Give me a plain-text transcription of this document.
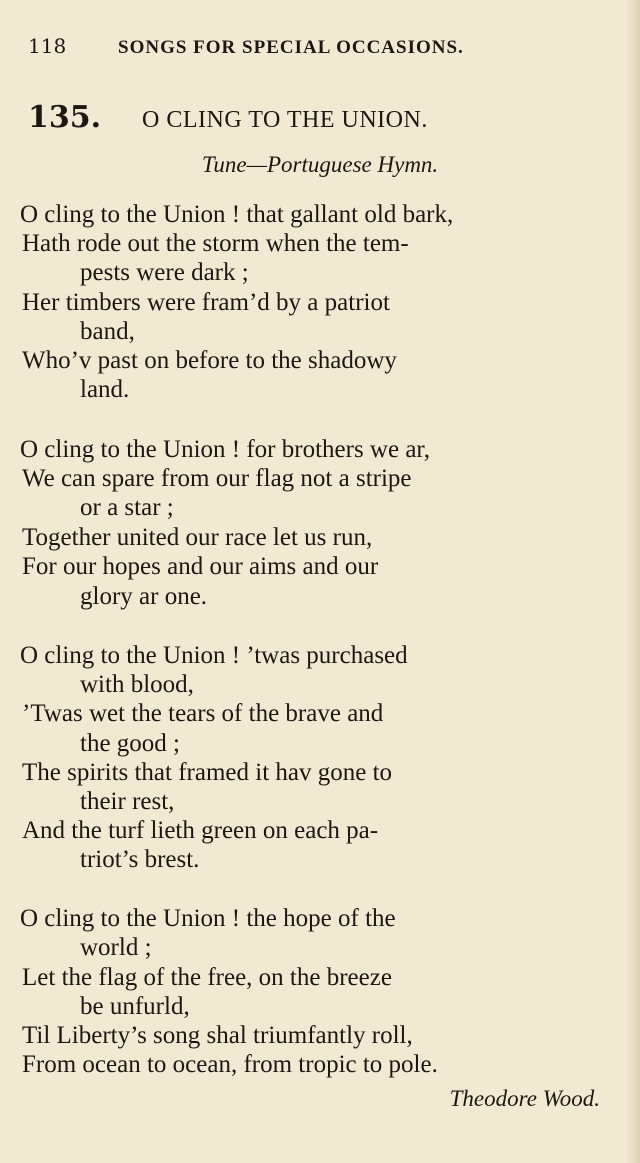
118	SONGS FOR SPECIAL OCCASIONS.
135. O CLING TO THE UNION.
Tune—Portuguese Hymn.
O cling to the Union ! that gallant old bark,
Hath rode out the storm when the tem-
pests were dark ;
Her timbers were fram’d by a patriot
band,
Who’v past on before to the shadowy
land.
O cling to the Union ! for brothers we ar,
We can spare from our flag not a stripe
or a star ;
Together united our race let us run,
For our hopes and our aims and our
glory ar one.
O cling to the Union ! ’twas purchased
with blood,
’Twas wet the tears of the brave and
the good ;
The spirits that framed it hav gone to
their rest,
And the turf lieth green on each pa-
triot’s brest.
O cling to the Union ! the hope of the
world ;
Let the flag of the free, on the breeze
be unfurld,
Til Liberty’s song shal triumfantly roll,
From ocean to ocean, from tropic to pole.
Theodore Wood.
